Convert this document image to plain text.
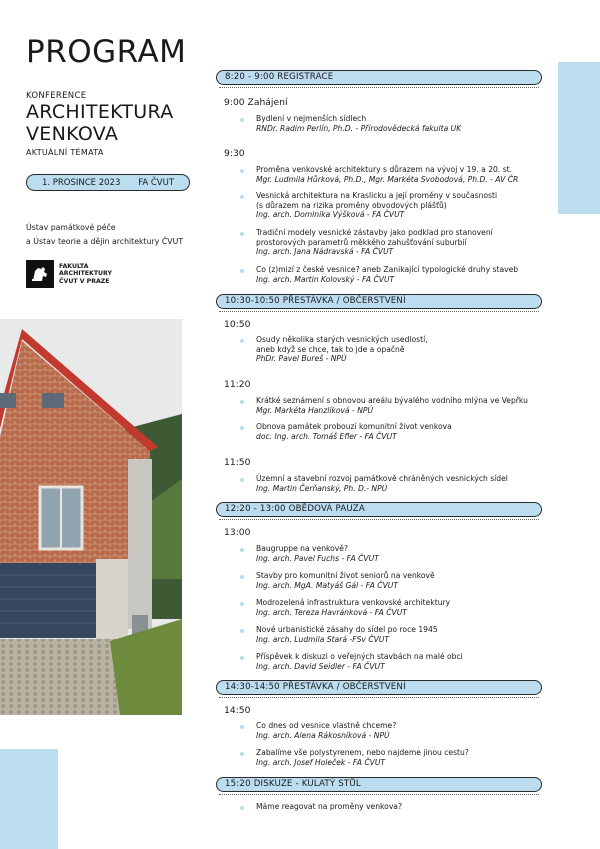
PROGRAM
KONFERENCE
ARCHITEKTURA
VENKOVA
AKTUÁLNÍ TÉMATA
1. PROSINCE 2023 FA ČVUT
Ústav památkové péče
a Ústav teorie a dějin architektury ČVUT
FAKULTA
ARCHITEKTURY
ČVUT V PRAZE
8:20 - 9:00 REGISTRACE
9:00 Zahájení
Bydlení v nejmenších sídlech
RNDr. Radim Perlín, Ph.D. - Přírodovědecká fakulta UK
9:30
Proměna venkovské architektury s důrazem na vývoj v 19. a 20. st.
Mgr. Ludmila Hůrková, Ph.D., Mgr. Markéta Svobodová, Ph.D. - AV ČR
Vesnická architektura na Kraslicku a její proměny v současnosti
(s důrazem na rizika proměny obvodových plášťů)
Ing. arch. Dominika Výšková - FA ČVUT
Tradiční modely vesnické zástavby jako podklad pro stanovení
prostorových parametrů měkkého zahušťování suburbií
Ing. arch. Jana Nádravská - FA ČVUT
Co (z)mizí z české vesnice? aneb Zanikající typologické druhy staveb
Ing. arch. Martin Kolovský - FA ČVUT
10:30-10:50 PŘESTÁVKA / OBČERSTVENÍ
10:50
Osudy několika starých vesnických usedlostí,
aneb když se chce, tak to jde a opačně
PhDr. Pavel Bureš - NPÚ
11:20
Krátké seznámení s obnovou areálu bývalého vodního mlýna ve Vepřku
Mgr. Markéta Hanzlíková - NPÚ
Obnova památek probouzí komunitní život venkova
doc. Ing. arch. Tomáš Efler - FA ČVUT
11:50
Územní a stavební rozvoj památkově chráněných vesnických sídel
Ing. Martin Čerňanský, Ph. D.- NPÚ
12:20 - 13:00 OBĚDOVÁ PAUZA
13:00
Baugruppe na venkově?
Ing. arch. Pavel Fuchs - FA ČVUT
Stavby pro komunitní život seniorů na venkově
Ing. arch. MgA. Matyáš Gál - FA ČVUT
Modrozelená infrastruktura venkovské architektury
Ing. arch. Tereza Havránková - FA ČVUT
Nové urbanistické zásahy do sídel po roce 1945
Ing. arch. Ludmila Stará -FSv ČVUT
Příspěvek k diskuzi o veřejných stavbách na malé obci
Ing. arch. David Seidler - FA ČVUT
14:30-14:50 PŘESTÁVKA / OBČERSTVENÍ
14:50
Co dnes od vesnice vlastně chceme?
Ing. arch. Alena Rákosníková - NPÚ
Zabalíme vše polystyrenem, nebo najdeme jinou cestu?
Ing. arch. Josef Holeček - FA ČVUT
15:20 DISKUZE - KULATÝ STŮL
Máme reagovat na proměny venkova?
